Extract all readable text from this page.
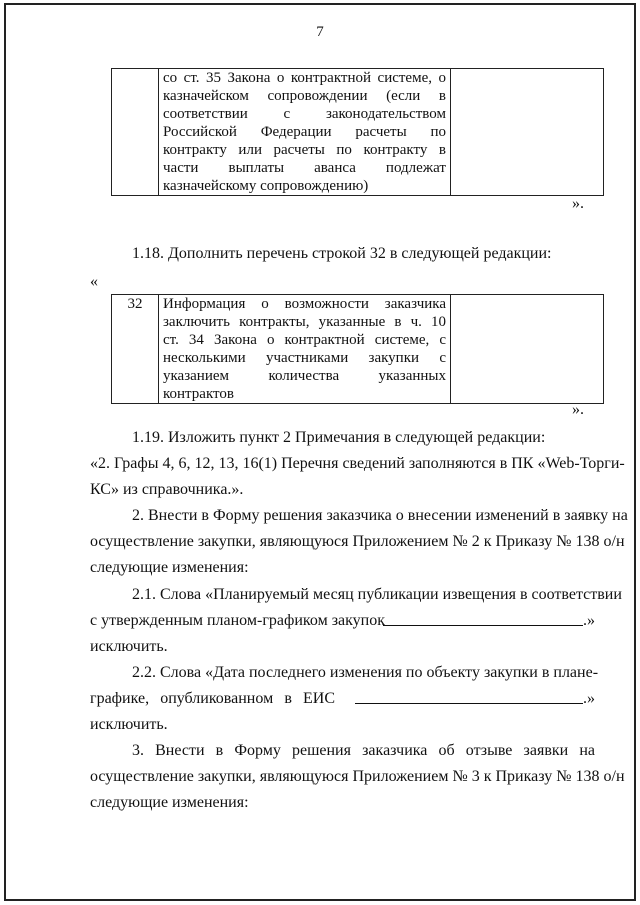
7

со ст. 35 Закона о контрактной системе, о
казначейском сопровождении (если в
соответствии с законодательством
Российской Федерации расчеты по
контракту или расчеты по контракту в
части выплаты аванса подлежат
казначейскому сопровождению)

».
1.18. Дополнить перечень строкой 32 в следующей редакции:
«
32	Информация о возможности заказчика
заключить контракты, указанные в ч. 10
ст. 34 Закона о контрактной системе, с
несколькими участниками закупки с
указанием количества указанных
контрактов

».
1.19. Изложить пункт 2 Примечания в следующей редакции:
«2. Графы 4, 6, 12, 13, 16(1) Перечня сведений заполняются в ПК «Web-Торги-
КС» из справочника.».
2. Внести в Форму решения заказчика о внесении изменений в заявку на
осуществление закупки, являющуюся Приложением № 2 к Приказу № 138 о/н
следующие изменения:
2.1. Слова «Планируемый месяц публикации извещения в соответствии
с утвержденным планом-графиком закупок	.»
исключить.
2.2. Слова «Дата последнего изменения по объекту закупки в плане-
графике, опубликованном в ЕИС	.»
исключить.
3. Внести в Форму решения заказчика об отзыве заявки на
осуществление закупки, являющуюся Приложением № 3 к Приказу № 138 о/н
следующие изменения:
